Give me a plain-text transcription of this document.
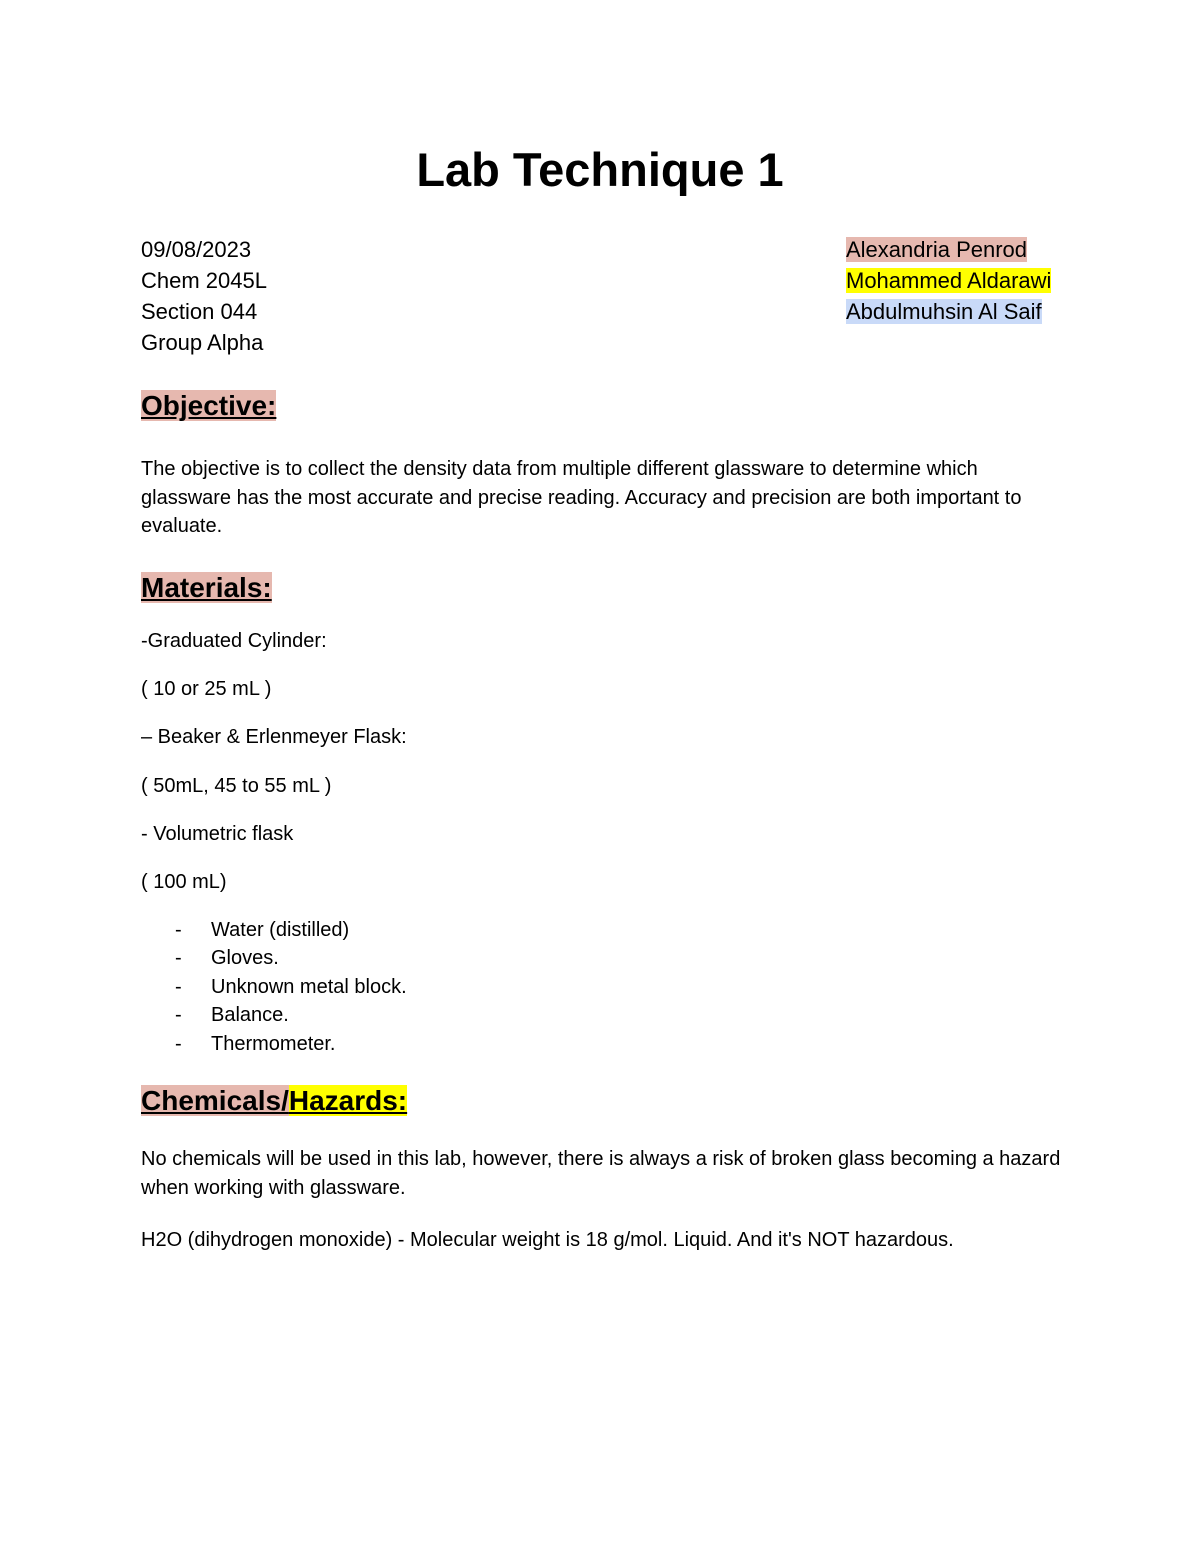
Lab Technique 1
09/08/2023
Chem 2045L
Section 044
Group Alpha
Alexandria Penrod
Mohammed Aldarawi
Abdulmuhsin Al Saif
Objective:
The objective is to collect the density data from multiple different glassware to determine which glassware has the most accurate and precise reading. Accuracy and precision are both important to evaluate.
Materials:
-Graduated Cylinder:
( 10 or 25 mL )
– Beaker & Erlenmeyer Flask:
( 50mL, 45 to 55 mL )
- Volumetric flask
( 100 mL)
- Water (distilled)
- Gloves.
- Unknown metal block.
- Balance.
- Thermometer.
Chemicals/Hazards:
No chemicals will be used in this lab, however, there is always a risk of broken glass becoming a hazard when working with glassware.
H2O (dihydrogen monoxide) - Molecular weight is 18 g/mol. Liquid. And it's NOT hazardous.
